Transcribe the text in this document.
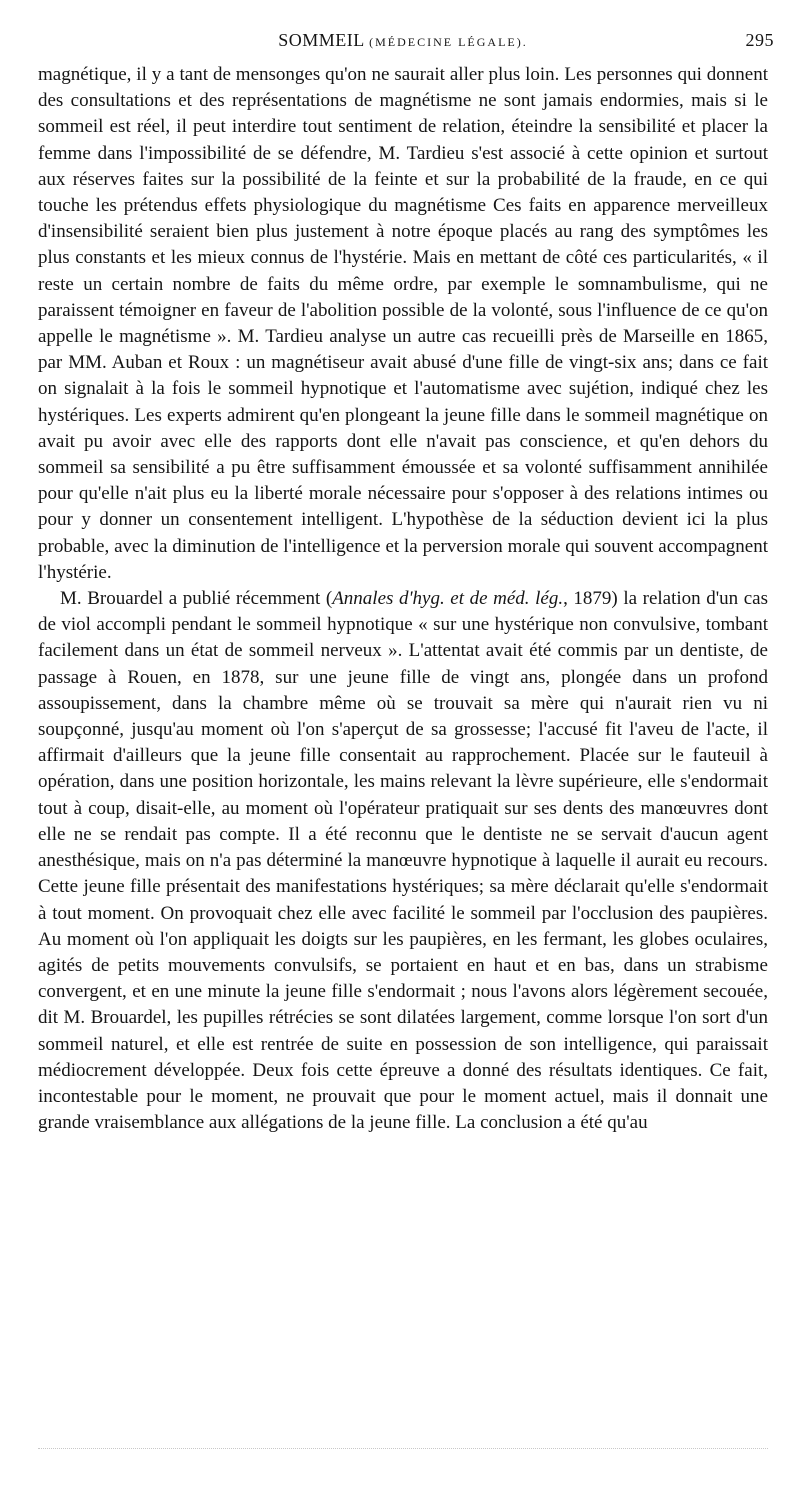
SOMMEIL (MÉDECINE LÉGALE).	295

magnétique, il y a tant de mensonges qu'on ne saurait aller plus loin. Les personnes qui donnent des consultations et des représentations de magnétisme ne sont jamais endormies, mais si le sommeil est réel, il peut interdire tout sentiment de relation, éteindre la sensibilité et placer la femme dans l'impossibilité de se défendre, M. Tardieu s'est associé à cette opinion et surtout aux réserves faites sur la possibilité de la feinte et sur la probabilité de la fraude, en ce qui touche les prétendus effets physiologique du magnétisme Ces faits en apparence merveilleux d'insensibilité seraient bien plus justement à notre époque placés au rang des symptômes les plus constants et les mieux connus de l'hystérie. Mais en mettant de côté ces particularités, « il reste un certain nombre de faits du même ordre, par exemple le somnambulisme, qui ne paraissent témoigner en faveur de l'abolition possible de la volonté, sous l'influence de ce qu'on appelle le magnétisme ». M. Tardieu analyse un autre cas recueilli près de Marseille en 1865, par MM. Auban et Roux : un magnétiseur avait abusé d'une fille de vingt-six ans; dans ce fait on signalait à la fois le sommeil hypnotique et l'automatisme avec sujétion, indiqué chez les hystériques. Les experts admirent qu'en plongeant la jeune fille dans le sommeil magnétique on avait pu avoir avec elle des rapports dont elle n'avait pas conscience, et qu'en dehors du sommeil sa sensibilité a pu être suffisamment émoussée et sa volonté suffisamment annihilée pour qu'elle n'ait plus eu la liberté morale nécessaire pour s'opposer à des relations intimes ou pour y donner un consentement intelligent. L'hypothèse de la séduction devient ici la plus probable, avec la diminution de l'intelligence et la perversion morale qui souvent accompagnent l'hystérie.

M. Brouardel a publié récemment (Annales d'hyg. et de méd. lég., 1879) la relation d'un cas de viol accompli pendant le sommeil hypnotique « sur une hystérique non convulsive, tombant facilement dans un état de sommeil nerveux ». L'attentat avait été commis par un dentiste, de passage à Rouen, en 1878, sur une jeune fille de vingt ans, plongée dans un profond assoupissement, dans la chambre même où se trouvait sa mère qui n'aurait rien vu ni soupçonné, jusqu'au moment où l'on s'aperçut de sa grossesse; l'accusé fit l'aveu de l'acte, il affirmait d'ailleurs que la jeune fille consentait au rapprochement. Placée sur le fauteuil à opération, dans une position horizontale, les mains relevant la lèvre supérieure, elle s'endormait tout à coup, disait-elle, au moment où l'opérateur pratiquait sur ses dents des manœuvres dont elle ne se rendait pas compte. Il a été reconnu que le dentiste ne se servait d'aucun agent anesthésique, mais on n'a pas déterminé la manœuvre hypnotique à laquelle il aurait eu recours. Cette jeune fille présentait des manifestations hystériques; sa mère déclarait qu'elle s'endormait à tout moment. On provoquait chez elle avec facilité le sommeil par l'occlusion des paupières. Au moment où l'on appliquait les doigts sur les paupières, en les fermant, les globes oculaires, agités de petits mouvements convulsifs, se portaient en haut et en bas, dans un strabisme convergent, et en une minute la jeune fille s'endormait ; nous l'avons alors légèrement secouée, dit M. Brouardel, les pupilles rétrécies se sont dilatées largement, comme lorsque l'on sort d'un sommeil naturel, et elle est rentrée de suite en possession de son intelligence, qui paraissait médiocrement développée. Deux fois cette épreuve a donné des résultats identiques. Ce fait, incontestable pour le moment, ne prouvait que pour le moment actuel, mais il donnait une grande vraisemblance aux allégations de la jeune fille. La conclusion a été qu'au
